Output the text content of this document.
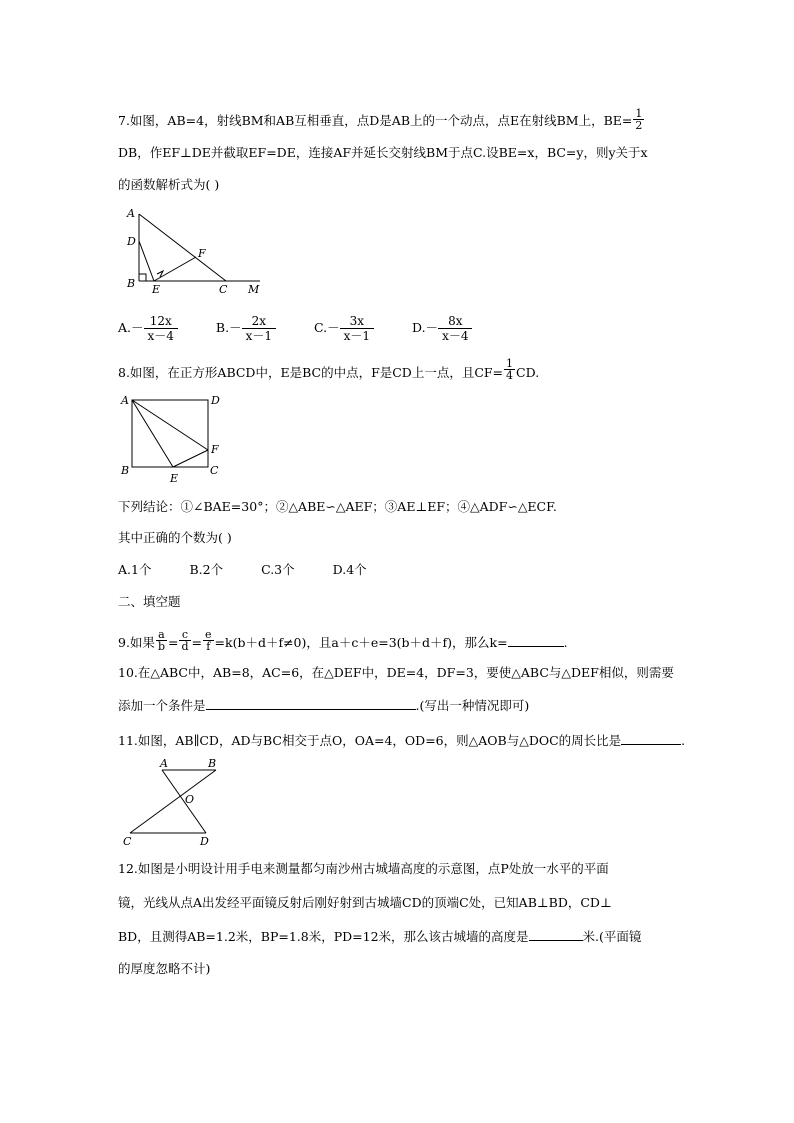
7.如图，AB=4，射线BM和AB互相垂直，点D是AB上的一个动点，点E在射线BM上，$BE= \frac{1}{2}$
DB，作EF⊥DE并截取EF=DE，连接AF并延长交射线BM于点C.设BE=x，BC=y，则y关于x
的函数解析式为( )
A
D
B E
F
C M
$A.- \frac{12x}{x-4}$	$B.- \frac{2x}{x-1}$	$C.- \frac{3x}{x-1}$	$D.- \frac{8x}{x-4}$
8.如图，在正方形ABCD中，E是BC的中点，F是CD上一点，且$CF= \frac{1}{4}$ CD.
A	D
F
B	C
E
下列结论：①∠BAE=30°；②△ABE∽△AEF；③AE⊥EF；④△ADF∽△ECF.
其中正确的个数为( )
A.1个	B.2个	C.3个	D.4个
二、填空题
9.如果 $\frac{a}{b} = \frac{c}{d} = \frac{e}{f} =k(b+d+f\ne 0)$，且a＋c＋e=3(b＋d＋f)，那么k=	.
10.在△ABC中，AB=8，AC=6，在△DEF中，DE=4，DF=3，要使△ABC与△DEF相似，则需要
添加一个条件是	.(写出一种情况即可)
11.如图，AB∥CD，AD与BC相交于点O，OA=4，OD=6，则△AOB与△DOC的周长比是	.
A	B
O
C	D
12.如图是小明设计用手电来测量都匀南沙州古城墙高度的示意图，点P处放一水平的平面
镜，光线从点A出发经平面镜反射后刚好射到古城墙CD的顶端C处，已知AB⊥BD，CD⊥
BD，且测得AB=1.2米，BP=1.8米，PD=12米，那么该古城墙的高度是	米.(平面镜
的厚度忽略不计)
